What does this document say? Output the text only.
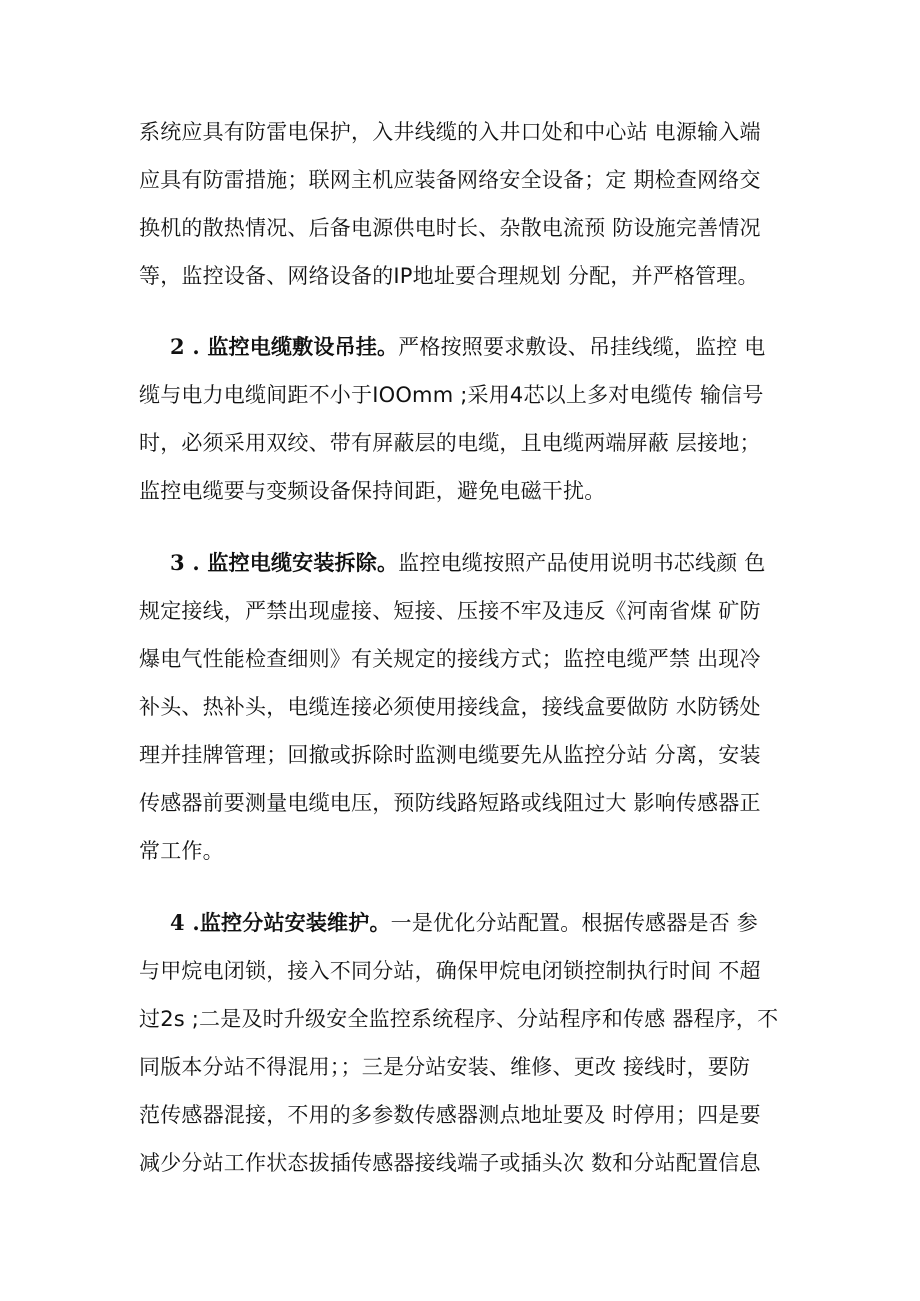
系统应具有防雷电保护，入井线缆的入井口处和中心站 电源输入端
应具有防雷措施；联网主机应装备网络安全设备；定 期检查网络交
换机的散热情况、后备电源供电时长、杂散电流预 防设施完善情况
等，监控设备、网络设备的IP地址要合理规划 分配，并严格管理。
2 . 监控电缆敷设吊挂。严格按照要求敷设、吊挂线缆，监控 电
缆与电力电缆间距不小于IOOmm ;采用4芯以上多对电缆传 输信号
时，必须采用双绞、带有屏蔽层的电缆，且电缆两端屏蔽 层接地；
监控电缆要与变频设备保持间距，避免电磁干扰。
3 . 监控电缆安装拆除。监控电缆按照产品使用说明书芯线颜 色
规定接线，严禁出现虚接、短接、压接不牢及违反《河南省煤 矿防
爆电气性能检查细则》有关规定的接线方式；监控电缆严禁 出现冷
补头、热补头，电缆连接必须使用接线盒，接线盒要做防 水防锈处
理并挂牌管理；回撤或拆除时监测电缆要先从监控分站 分离，安装
传感器前要测量电缆电压，预防线路短路或线阻过大 影响传感器正
常工作。
4 .监控分站安装维护。一是优化分站配置。根据传感器是否 参
与甲烷电闭锁，接入不同分站，确保甲烷电闭锁控制执行时间 不超
过2s ;二是及时升级安全监控系统程序、分站程序和传感 器程序，不
同版本分站不得混用；；三是分站安装、维修、更改 接线时，要防
范传感器混接，不用的多参数传感器测点地址要及 时停用；四是要
减少分站工作状态拔插传感器接线端子或插头次 数和分站配置信息
